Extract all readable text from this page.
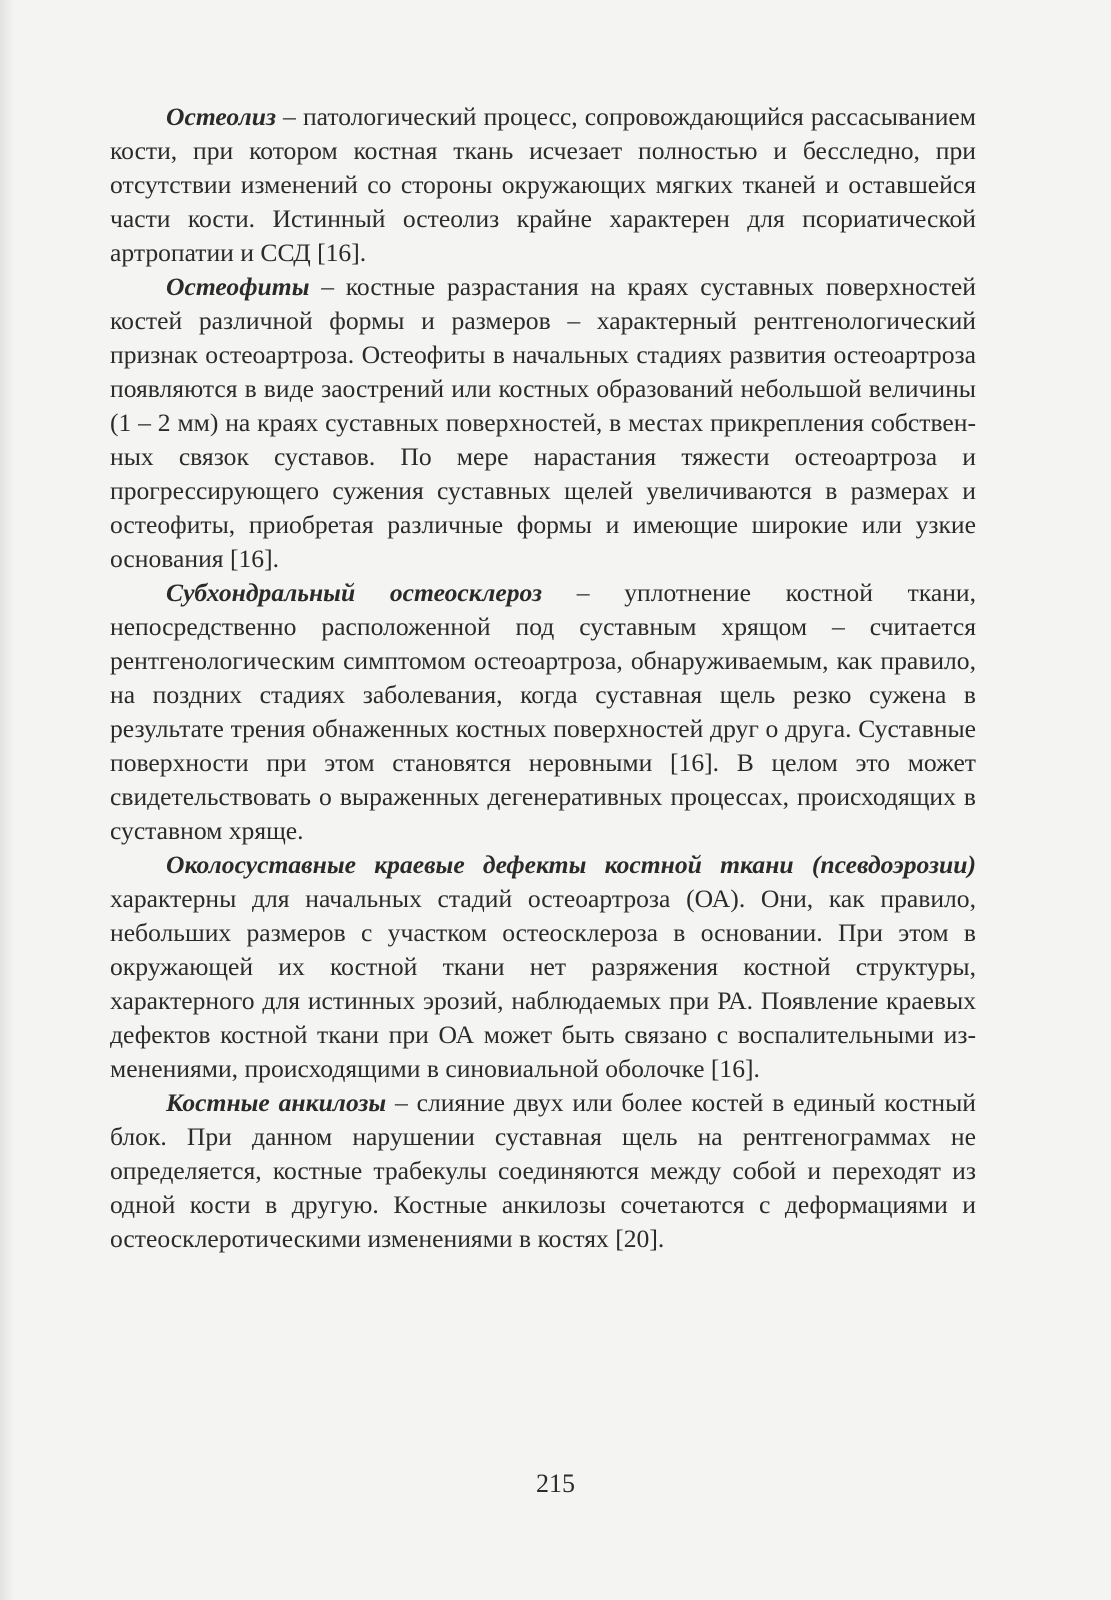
Остеолиз – патологический процесс, сопровождающийся рассасыванием кости, при котором костная ткань исчезает полностью и бесследно, при отсутствии изменений со стороны окружающих мягких тканей и оставшейся части кости. Истинный остеолиз крайне характерен для псориатической артропатии и ССД [16].

Остеофиты – костные разрастания на краях суставных поверхностей костей различной формы и размеров – характерный рентгенологический признак остеоартроза. Остеофиты в начальных стадиях развития остеоартроза появляются в виде заострений или костных образований небольшой величины (1 – 2 мм) на краях суставных поверхностей, в местах прикрепления собственных связок суставов. По мере нарастания тяжести остеоартроза и прогрессирующего сужения суставных щелей увеличиваются в размерах и остеофиты, приобретая различные формы и имеющие широкие или узкие основания [16].

Субхондральный остеосклероз – уплотнение костной ткани, непосредственно расположенной под суставным хрящом – считается рентгенологическим симптомом остеоартроза, обнаруживаемым, как правило, на поздних стадиях заболевания, когда суставная щель резко сужена в результате трения обнаженных костных поверхностей друг о друга. Суставные поверхности при этом становятся неровными [16]. В целом это может свидетельствовать о выраженных дегенеративных процессах, происходящих в суставном хряще.

Околосуставные краевые дефекты костной ткани (псевдоэрозии) характерны для начальных стадий остеоартроза (ОА). Они, как правило, небольших размеров с участком остеосклероза в основании. При этом в окружающей их костной ткани нет разряжения костной структуры, характерного для истинных эрозий, наблюдаемых при РА. Появление краевых дефектов костной ткани при ОА может быть связано с воспалительными изменениями, происходящими в синовиальной оболочке [16].

Костные анкилозы – слияние двух или более костей в единый костный блок. При данном нарушении суставная щель на рентгенограммах не определяется, костные трабекулы соединяются между собой и переходят из одной кости в другую. Костные анкилозы сочетаются с деформациями и остеосклеротическими изменениями в костях [20].

215
